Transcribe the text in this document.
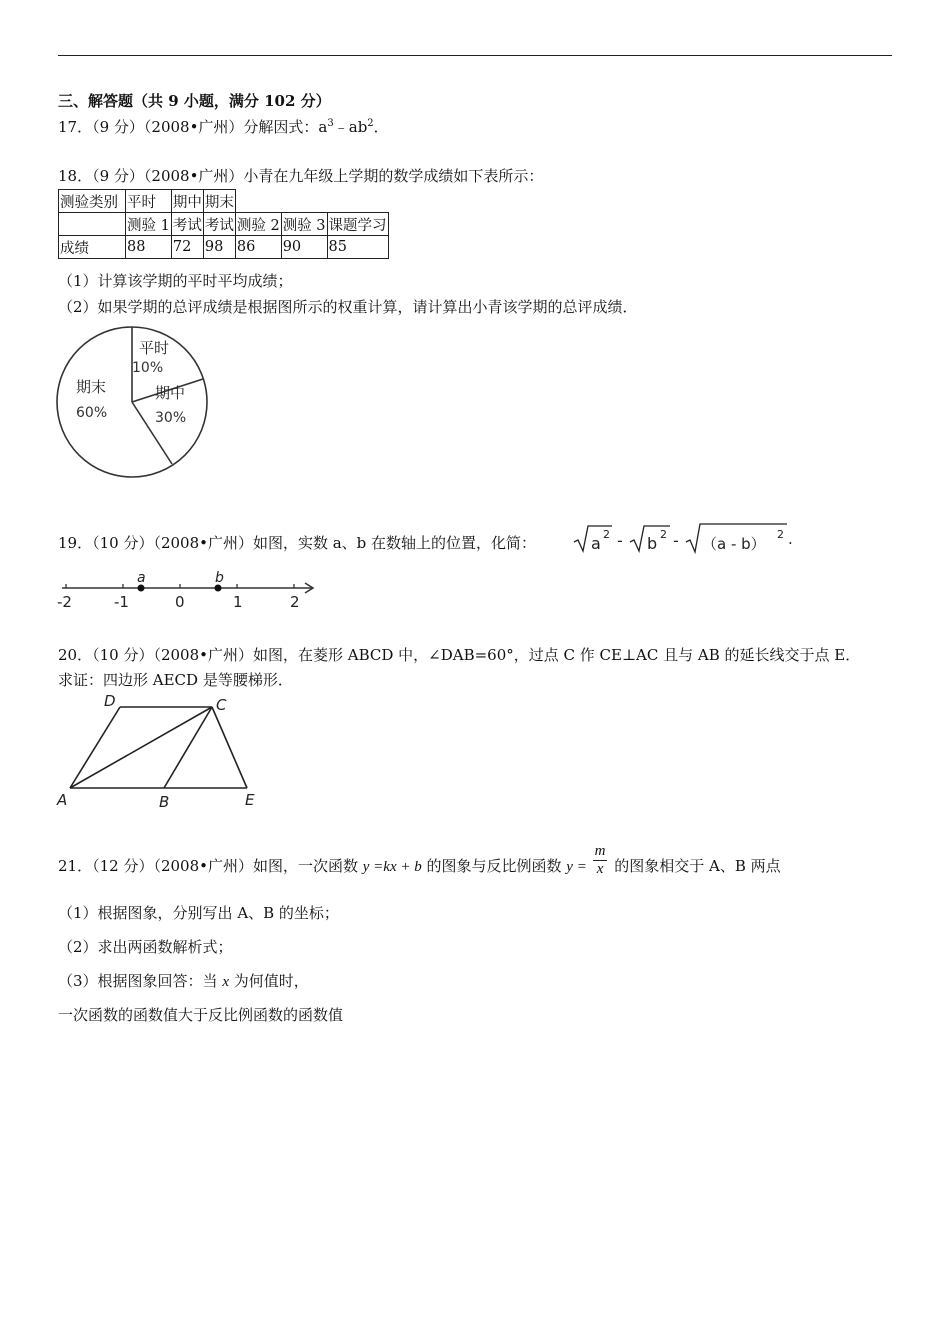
三、解答题（共 9 小题，满分 102 分）
17．（9 分）（2008•广州）分解因式：$a^3﹣ab^2$．
18．（9 分）（2008•广州）小青在九年级上学期的数学成绩如下表所示：
测验类别	平时	期中	期末			
	测验 1	考试	考试	测验 2	测验 3	课题学习
成绩	88	72	98	86	90	85
（1）计算该学期的平时平均成绩；
（2）如果学期的总评成绩是根据图所示的权重计算，请计算出小青该学期的总评成绩．
平时
10%
期中
30%
期末
60%
19．（10 分）（2008•广州）如图，实数 a、b 在数轴上的位置，化简：	a 2 - b 2 - （a - b）
2 .
-2	-1	0	1	2
a	b
20．（10 分）（2008•广州）如图，在菱形 ABCD 中，∠DAB=60°，过点 C 作 CE⊥AC 且与 AB 的延长线交于点 E．
求证：四边形 AECD 是等腰梯形．
D	C
A	B	E
21．（12 分）（2008•广州）如图，一次函数 y =kx + b 的图象与反比例函数 $y = \frac{m}{x}$ 的图象相交于 A、B 两点
（1）根据图象，分别写出 A、B 的坐标；
（2）求出两函数解析式；
（3）根据图象回答：当 x 为何值时，
一次函数的函数值大于反比例函数的函数值
